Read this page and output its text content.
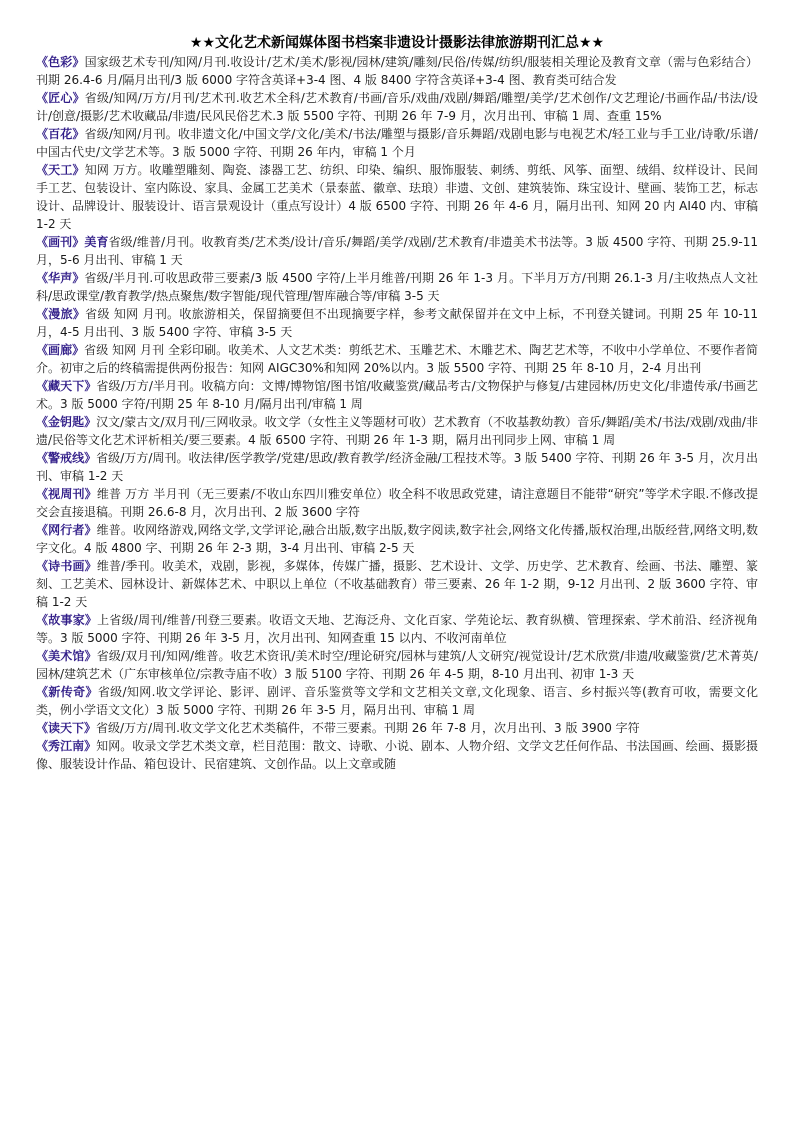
★★文化艺术新闻媒体图书档案非遗设计摄影法律旅游期刊汇总★★

《色彩》国家级艺术专刊/知网/月刊.收设计/艺术/美术/影视/园林/建筑/雕刻/民俗/传媒/纺织/服装相关理论及教育文章（需与色彩结合）刊期 26.4-6 月/隔月出刊/3 版 6000 字符含英译+3-4 图、4 版 8400 字符含英译+3-4 图、教育类可结合发

《匠心》省级/知网/万方/月刊/艺术刊.收艺术全科/艺术教育/书画/音乐/戏曲/戏剧/舞蹈/雕塑/美学/艺术创作/文艺理论/书画作品/书法/设计/创意/摄影/艺术收藏品/非遗/民风民俗艺术.3 版 5500 字符、刊期 26 年 7-9 月，次月出刊、审稿 1 周、查重 15%

《百花》省级/知网/月刊。收非遗文化/中国文学/文化/美术/书法/雕塑与摄影/音乐舞蹈/戏剧电影与电视艺术/轻工业与手工业/诗歌/乐谱/中国古代史/文学艺术等。3 版 5000 字符、刊期 26 年内，审稿 1 个月

《天工》知网 万方。收雕塑雕刻、陶瓷、漆器工艺、纺织、印染、编织、服饰服装、刺绣、剪纸、风筝、面塑、绒绢、纹样设计、民间手工艺、包装设计、室内陈设、家具、金属工艺美术（景泰蓝、徽章、珐琅）非遗、文创、建筑装饰、珠宝设计、壁画、装饰工艺，标志设计、品牌设计、服装设计、语言景观设计（重点写设计）4 版 6500 字符、刊期 26 年 4-6 月，隔月出刊、知网 20 内 AI40 内、审稿 1-2 天

《画刊》美育省级/维普/月刊。收教育类/艺术类/设计/音乐/舞蹈/美学/戏剧/艺术教育/非遗美术书法等。3 版 4500 字符、刊期 25.9-11 月，5-6 月出刊、审稿 1 天

《华声》省级/半月刊.可收思政带三要素/3 版 4500 字符/上半月维普/刊期 26 年 1-3 月。下半月万方/刊期 26.1-3 月/主收热点人文社科/思政课堂/教育教学/热点聚焦/数字智能/现代管理/智库融合等/审稿 3-5 天

《漫旅》省级 知网 月刊。收旅游相关，保留摘要但不出现摘要字样，参考文献保留并在文中上标，不刊登关键词。刊期 25 年 10-11 月，4-5 月出刊、3 版 5400 字符、审稿 3-5 天

《画廊》省级 知网 月刊 全彩印刷。收美术、人文艺术类：剪纸艺术、玉雕艺术、木雕艺术、陶艺艺术等，不收中小学单位、不要作者简介。初审之后的终稿需提供两份报告：知网 AIGC30%和知网 20%以内。3 版 5500 字符、刊期 25 年 8-10 月，2-4 月出刊

《藏天下》省级/万方/半月刊。收稿方向：文博/博物馆/图书馆/收藏鉴赏/藏品考古/文物保护与修复/古建园林/历史文化/非遗传承/书画艺术。3 版 5000 字符/刊期 25 年 8-10 月/隔月出刊/审稿 1 周

《金钥匙》汉文/蒙古文/双月刊/三网收录。收文学（女性主义等题材可收）艺术教育（不收基教幼教）音乐/舞蹈/美术/书法/戏剧/戏曲/非遗/民俗等文化艺术评析相关/要三要素。4 版 6500 字符、刊期 26 年 1-3 期，隔月出刊同步上网、审稿 1 周

《警戒线》省级/万方/周刊。收法律/医学教学/党建/思政/教育教学/经济金融/工程技术等。3 版 5400 字符、刊期 26 年 3-5 月，次月出刊、审稿 1-2 天

《视周刊》维普 万方 半月刊（无三要素/不收山东四川雅安单位）收全科不收思政党建，请注意题目不能带“研究”等学术字眼.不修改提交会直接退稿。刊期 26.6-8 月，次月出刊、2 版 3600 字符

《网行者》维普。收网络游戏,网络文学,文学评论,融合出版,数字出版,数字阅读,数字社会,网络文化传播,版权治理,出版经营,网络文明,数字文化。4 版 4800 字、刊期 26 年 2-3 期，3-4 月出刊、审稿 2-5 天

《诗书画》维普/季刊。收美术，戏剧，影视，多媒体，传媒广播，摄影、艺术设计、文学、历史学、艺术教育、绘画、书法、雕塑、篆刻、工艺美术、园林设计、新媒体艺术、中职以上单位（不收基础教育）带三要素、26 年 1-2 期，9-12 月出刊、2 版 3600 字符、审稿 1-2 天

《故事家》上省级/周刊/维普/刊登三要素。收语文天地、艺海泛舟、文化百家、学苑论坛、教育纵横、管理探索、学术前沿、经济视角等。3 版 5000 字符、刊期 26 年 3-5 月，次月出刊、知网查重 15 以内、不收河南单位

《美术馆》省级/双月刊/知网/维普。收艺术资讯/美术时空/理论研究/园林与建筑/人文研究/视觉设计/艺术欣赏/非遗/收藏鉴赏/艺术菁英/园林/建筑艺术（广东审核单位/宗教寺庙不收）3 版 5100 字符、刊期 26 年 4-5 期，8-10 月出刊、初审 1-3 天

《新传奇》省级/知网.收文学评论、影评、剧评、音乐鉴赏等文学和文艺相关文章,文化现象、语言、乡村振兴等(教育可收，需要文化类，例小学语文文化）3 版 5000 字符、刊期 26 年 3-5 月，隔月出刊、审稿 1 周

《读天下》省级/万方/周刊.收文学文化艺术类稿件，不带三要素。刊期 26 年 7-8 月，次月出刊、3 版 3900 字符

《秀江南》知网。收录文学艺术类文章，栏目范围：散文、诗歌、小说、剧本、人物介绍、文学文艺任何作品、书法国画、绘画、摄影摄像、服装设计作品、箱包设计、民宿建筑、文创作品。以上文章或随
